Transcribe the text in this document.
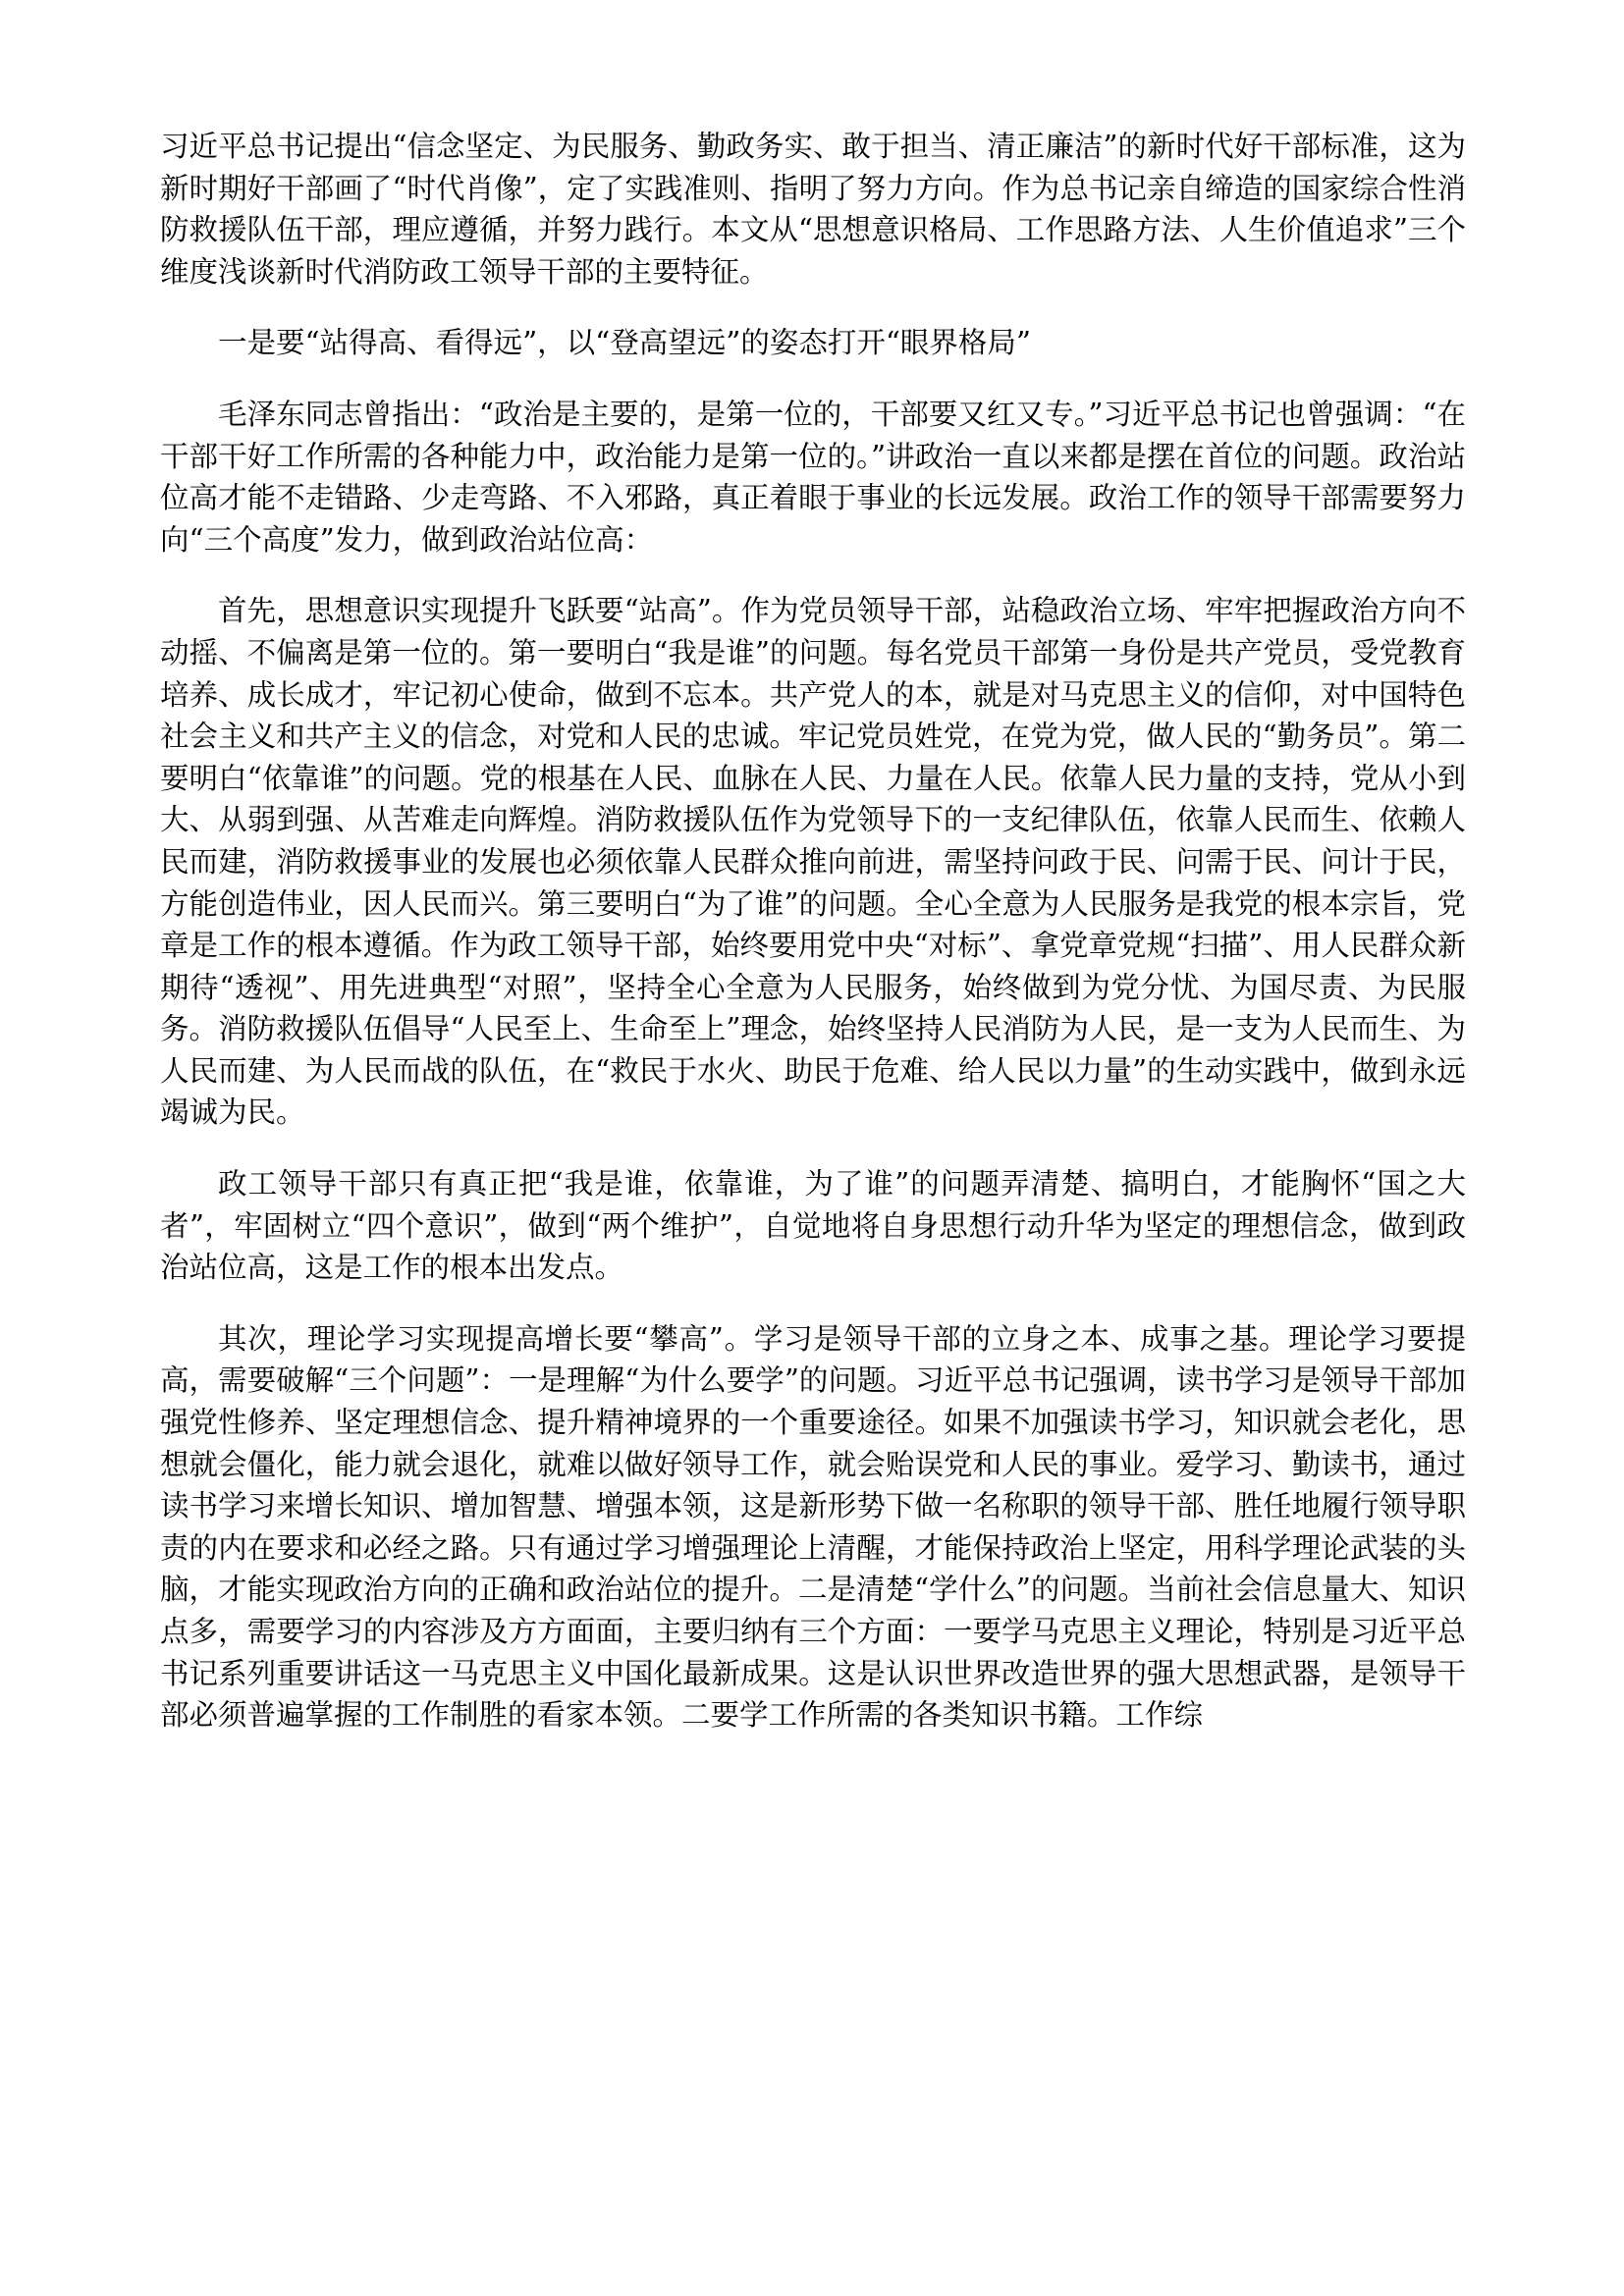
习近平总书记提出“信念坚定、为民服务、勤政务实、敢于担当、清正廉洁”的新时代好干部标准，这为新时期好干部画了“时代肖像”，定了实践准则、指明了努力方向。作为总书记亲自缔造的国家综合性消防救援队伍干部，理应遵循，并努力践行。本文从“思想意识格局、工作思路方法、人生价值追求”三个维度浅谈新时代消防政工领导干部的主要特征。

一是要“站得高、看得远”，以“登高望远”的姿态打开“眼界格局”

毛泽东同志曾指出：“政治是主要的，是第一位的，干部要又红又专。”习近平总书记也曾强调：“在干部干好工作所需的各种能力中，政治能力是第一位的。”讲政治一直以来都是摆在首位的问题。政治站位高才能不走错路、少走弯路、不入邪路，真正着眼于事业的长远发展。政治工作的领导干部需要努力向“三个高度”发力，做到政治站位高：

首先，思想意识实现提升飞跃要“站高”。作为党员领导干部，站稳政治立场、牢牢把握政治方向不动摇、不偏离是第一位的。第一要明白“我是谁”的问题。每名党员干部第一身份是共产党员，受党教育培养、成长成才，牢记初心使命，做到不忘本。共产党人的本，就是对马克思主义的信仰，对中国特色社会主义和共产主义的信念，对党和人民的忠诚。牢记党员姓党，在党为党，做人民的“勤务员”。第二要明白“依靠谁”的问题。党的根基在人民、血脉在人民、力量在人民。依靠人民力量的支持，党从小到大、从弱到强、从苦难走向辉煌。消防救援队伍作为党领导下的一支纪律队伍，依靠人民而生、依赖人民而建，消防救援事业的发展也必须依靠人民群众推向前进，需坚持问政于民、问需于民、问计于民，方能创造伟业，因人民而兴。第三要明白“为了谁”的问题。全心全意为人民服务是我党的根本宗旨，党章是工作的根本遵循。作为政工领导干部，始终要用党中央“对标”、拿党章党规“扫描”、用人民群众新期待“透视”、用先进典型“对照”，坚持全心全意为人民服务，始终做到为党分忧、为国尽责、为民服务。消防救援队伍倡导“人民至上、生命至上”理念，始终坚持人民消防为人民，是一支为人民而生、为人民而建、为人民而战的队伍，在“救民于水火、助民于危难、给人民以力量”的生动实践中，做到永远竭诚为民。

政工领导干部只有真正把“我是谁，依靠谁，为了谁”的问题弄清楚、搞明白，才能胸怀“国之大者”，牢固树立“四个意识”，做到“两个维护”，自觉地将自身思想行动升华为坚定的理想信念，做到政治站位高，这是工作的根本出发点。

其次，理论学习实现提高增长要“攀高”。学习是领导干部的立身之本、成事之基。理论学习要提高，需要破解“三个问题”：一是理解“为什么要学”的问题。习近平总书记强调，读书学习是领导干部加强党性修养、坚定理想信念、提升精神境界的一个重要途径。如果不加强读书学习，知识就会老化，思想就会僵化，能力就会退化，就难以做好领导工作，就会贻误党和人民的事业。爱学习、勤读书，通过读书学习来增长知识、增加智慧、增强本领，这是新形势下做一名称职的领导干部、胜任地履行领导职责的内在要求和必经之路。只有通过学习增强理论上清醒，才能保持政治上坚定，用科学理论武装的头脑，才能实现政治方向的正确和政治站位的提升。二是清楚“学什么”的问题。当前社会信息量大、知识点多，需要学习的内容涉及方方面面，主要归纳有三个方面：一要学马克思主义理论，特别是习近平总书记系列重要讲话这一马克思主义中国化最新成果。这是认识世界改造世界的强大思想武器，是领导干部必须普遍掌握的工作制胜的看家本领。二要学工作所需的各类知识书籍。工作综
